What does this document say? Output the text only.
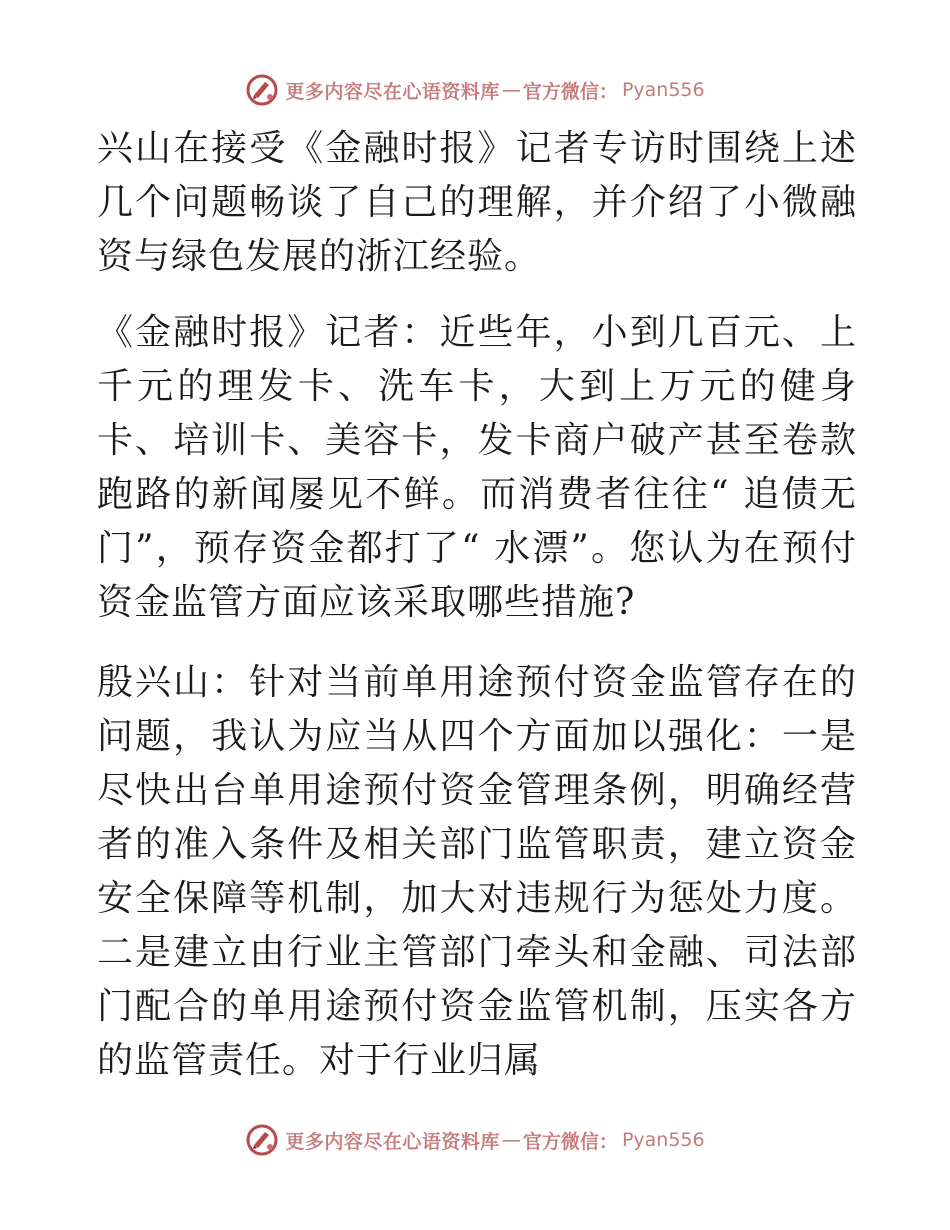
更多内容尽在心语资料库 — 官方微信： Pyan556

兴山在接受《金融时报》记者专访时围绕上述几个问题畅谈了自己的理解，并介绍了小微融资与绿色发展的浙江经验。

《金融时报》记者：近些年，小到几百元、上千元的理发卡、洗车卡，大到上万元的健身卡、培训卡、美容卡，发卡商户破产甚至卷款跑路的新闻屡见不鲜。而消费者往往“ 追债无门”，预存资金都打了“ 水漂”。您认为在预付资金监管方面应该采取哪些措施?

殷兴山：针对当前单用途预付资金监管存在的问题，我认为应当从四个方面加以强化：一是尽快出台单用途预付资金管理条例，明确经营者的准入条件及相关部门监管职责，建立资金安全保障等机制，加大对违规行为惩处力度。二是建立由行业主管部门牵头和金融、司法部门配合的单用途预付资金监管机制，压实各方的监管责任。对于行业归属

更多内容尽在心语资料库 — 官方微信： Pyan556
